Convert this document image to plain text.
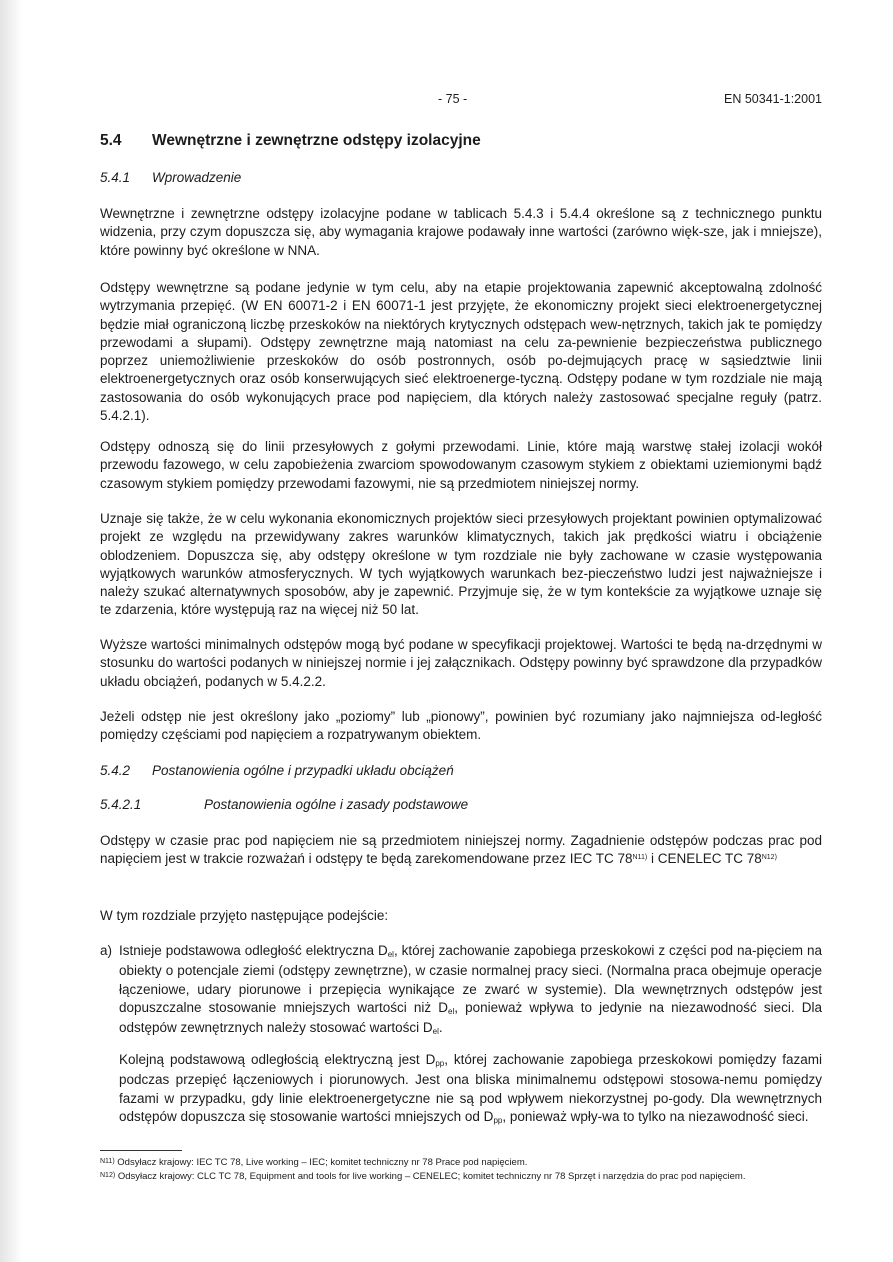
- 75 -	EN 50341-1:2001
5.4 Wewnętrzne i zewnętrzne odstępy izolacyjne
5.4.1 Wprowadzenie
Wewnętrzne i zewnętrzne odstępy izolacyjne podane w tablicach 5.4.3 i 5.4.4 określone są z technicznego punktu widzenia, przy czym dopuszcza się, aby wymagania krajowe podawały inne wartości (zarówno więk-sze, jak i mniejsze), które powinny być określone w NNA.
Odstępy wewnętrzne są podane jedynie w tym celu, aby na etapie projektowania zapewnić akceptowalną zdolność wytrzymania przepięć. (W EN 60071-2 i EN 60071-1 jest przyjęte, że ekonomiczny projekt sieci elektroenergetycznej będzie miał ograniczoną liczbę przeskoków na niektórych krytycznych odstępach wew-nętrznych, takich jak te pomiędzy przewodami a słupami). Odstępy zewnętrzne mają natomiast na celu za-pewnienie bezpieczeństwa publicznego poprzez uniemożliwienie przeskoków do osób postronnych, osób po-dejmujących pracę w sąsiedztwie linii elektroenergetycznych oraz osób konserwujących sieć elektroenerge-tyczną. Odstępy podane w tym rozdziale nie mają zastosowania do osób wykonujących prace pod napięciem, dla których należy zastosować specjalne reguły (patrz. 5.4.2.1).
Odstępy odnoszą się do linii przesyłowych z gołymi przewodami. Linie, które mają warstwę stałej izolacji wokół przewodu fazowego, w celu zapobieżenia zwarciom spowodowanym czasowym stykiem z obiektami uziemionymi bądź czasowym stykiem pomiędzy przewodami fazowymi, nie są przedmiotem niniejszej normy.
Uznaje się także, że w celu wykonania ekonomicznych projektów sieci przesyłowych projektant powinien optymalizować projekt ze względu na przewidywany zakres warunków klimatycznych, takich jak prędkości wiatru i obciążenie oblodzeniem. Dopuszcza się, aby odstępy określone w tym rozdziale nie były zachowane w czasie występowania wyjątkowych warunków atmosferycznych. W tych wyjątkowych warunkach bez-pieczeństwo ludzi jest najważniejsze i należy szukać alternatywnych sposobów, aby je zapewnić. Przyjmuje się, że w tym kontekście za wyjątkowe uznaje się te zdarzenia, które występują raz na więcej niż 50 lat.
Wyższe wartości minimalnych odstępów mogą być podane w specyfikacji projektowej. Wartości te będą na-drzędnymi w stosunku do wartości podanych w niniejszej normie i jej załącznikach. Odstępy powinny być sprawdzone dla przypadków układu obciążeń, podanych w 5.4.2.2.
Jeżeli odstęp nie jest określony jako „poziomy” lub „pionowy”, powinien być rozumiany jako najmniejsza od-ległość pomiędzy częściami pod napięciem a rozpatrywanym obiektem.
5.4.2 Postanowienia ogólne i przypadki układu obciążeń
5.4.2.1	Postanowienia ogólne i zasady podstawowe
Odstępy w czasie prac pod napięciem nie są przedmiotem niniejszej normy. Zagadnienie odstępów podczas prac pod napięciem jest w trakcie rozważań i odstępy te będą zarekomendowane przez IEC TC $78^{N11)}$ i CENELEC TC $78^{N12)}$
W tym rozdziale przyjęto następujące podejście:
a) Istnieje podstawowa odległość elektryczna $D_{el}$, której zachowanie zapobiega przeskokowi z części pod na-pięciem na obiekty o potencjale ziemi (odstępy zewnętrzne), w czasie normalnej pracy sieci. (Normalna praca obejmuje operacje łączeniowe, udary piorunowe i przepięcia wynikające ze zwarć w systemie). Dla wewnętrznych odstępów jest dopuszczalne stosowanie mniejszych wartości niż $D_{el}$, ponieważ wpływa to jedynie na niezawodność sieci. Dla odstępów zewnętrznych należy stosować wartości $D_{el}$.
Kolejną podstawową odległością elektryczną jest $D_{pp}$, której zachowanie zapobiega przeskokowi pomiędzy fazami podczas przepięć łączeniowych i piorunowych. Jest ona bliska minimalnemu odstępowi stosowa-nemu pomiędzy fazami w przypadku, gdy linie elektroenergetyczne nie są pod wpływem niekorzystnej po-gody. Dla wewnętrznych odstępów dopuszcza się stosowanie wartości mniejszych od $D_{pp}$, ponieważ wpły-wa to tylko na niezawodność sieci.
$^{N11)}$ Odsyłacz krajowy: IEC TC 78, Live working – IEC; komitet techniczny nr 78 Prace pod napięciem.
$^{N12)}$ Odsyłacz krajowy: CLC TC 78, Equipment and tools for live working – CENELEC; komitet techniczny nr 78 Sprzęt i narzędzia do prac pod napięciem.
